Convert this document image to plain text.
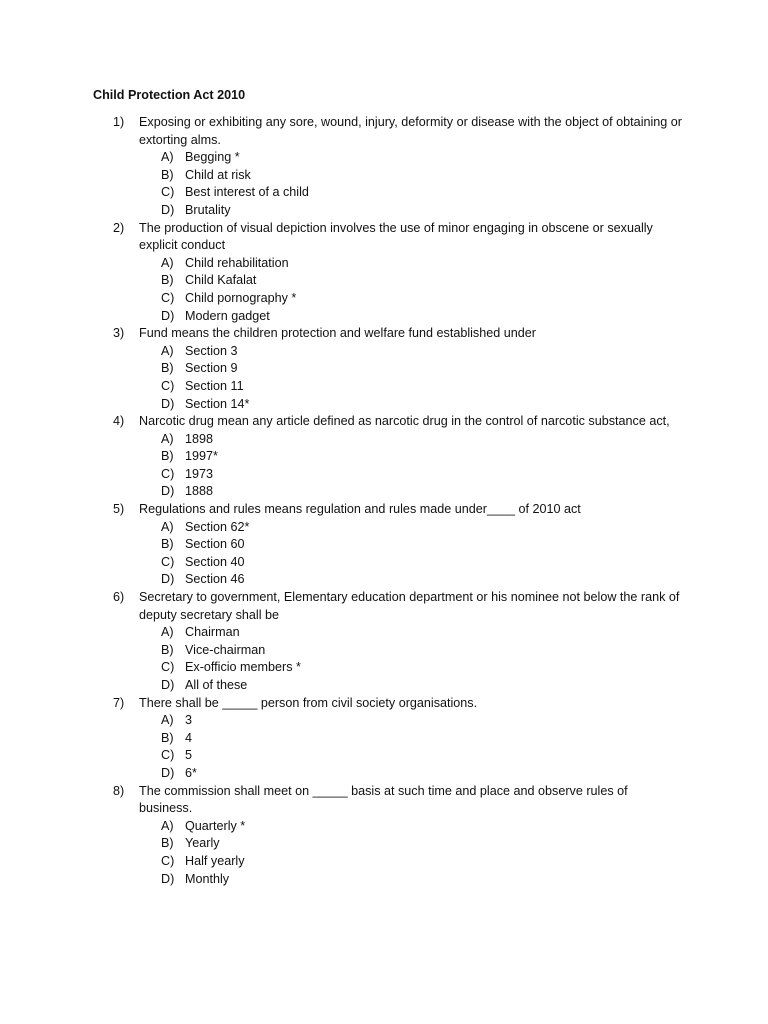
Child Protection Act 2010
1)	Exposing or exhibiting any sore, wound, injury, deformity or disease with the object of obtaining or extorting alms.
A) Begging *
B) Child at risk
C) Best interest of a child
D) Brutality
2)	The production of visual depiction involves the use of minor engaging in obscene or sexually explicit conduct
A) Child rehabilitation
B) Child Kafalat
C) Child pornography *
D) Modern gadget
3)	Fund means the children protection and welfare fund established under
A) Section 3
B) Section 9
C) Section 11
D) Section 14*
4)	Narcotic drug mean any article defined as narcotic drug in the control of narcotic substance act,
A) 1898
B) 1997*
C) 1973
D) 1888
5)	Regulations and rules means regulation and rules made under____ of 2010 act
A) Section 62*
B) Section 60
C) Section 40
D) Section 46
6)	Secretary to government, Elementary education department or his nominee not below the rank of deputy secretary shall be
A) Chairman
B) Vice-chairman
C) Ex-officio members *
D) All of these
7)	There shall be _____ person from civil society organisations.
A) 3
B) 4
C) 5
D) 6*
8)	The commission shall meet on _____ basis at such time and place and observe rules of business.
A) Quarterly *
B) Yearly
C) Half yearly
D) Monthly
